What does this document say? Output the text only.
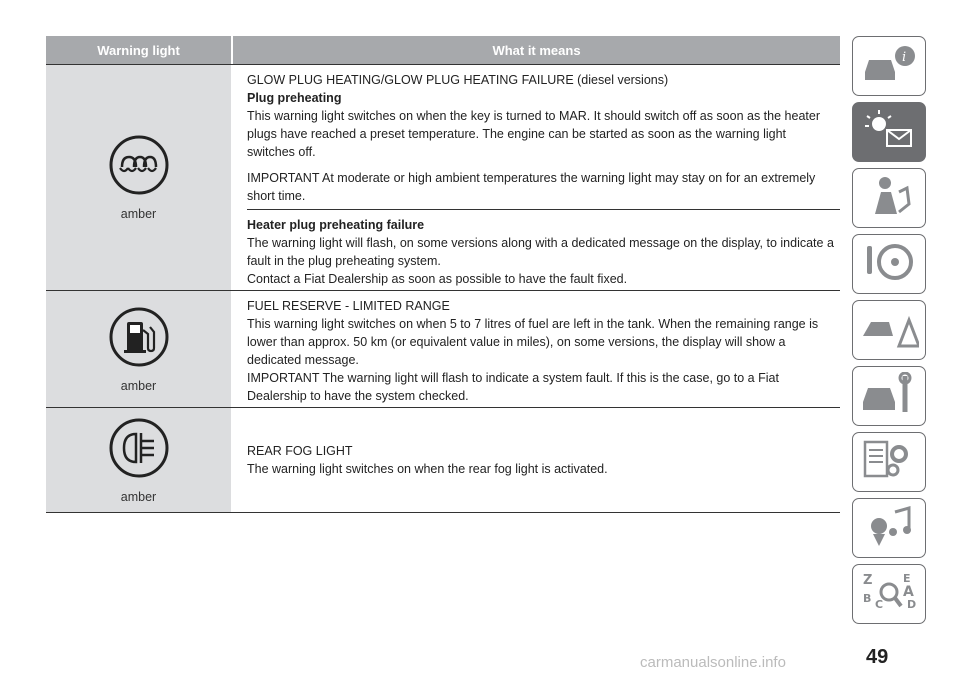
Warning light	What it means
amber
GLOW PLUG HEATING/GLOW PLUG HEATING FAILURE (diesel versions)
Plug preheating
This warning light switches on when the key is turned to MAR. It should switch off as soon as the heater plugs have reached a preset temperature. The engine can be started as soon as the warning light switches off.
IMPORTANT At moderate or high ambient temperatures the warning light may stay on for an extremely short time.
Heater plug preheating failure
The warning light will flash, on some versions along with a dedicated message on the display, to indicate a fault in the plug preheating system.
Contact a Fiat Dealership as soon as possible to have the fault fixed.
amber
FUEL RESERVE - LIMITED RANGE
This warning light switches on when 5 to 7 litres of fuel are left in the tank. When the remaining range is lower than approx. 50 km (or equivalent value in miles), on some versions, the display will show a dedicated message.
IMPORTANT The warning light will flash to indicate a system fault. If this is the case, go to a Fiat Dealership to have the system checked.
amber
REAR FOG LIGHT
The warning light switches on when the rear fog light is activated.
i
Z	E
A
B C D
49
carmanualsonline.info
